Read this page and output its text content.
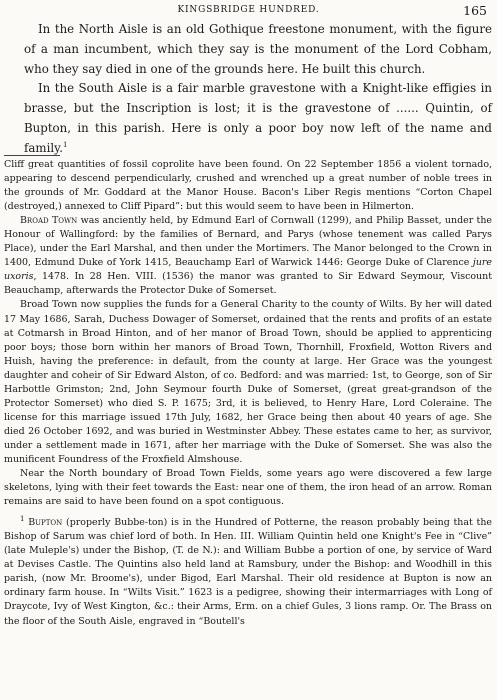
KINGSBRIDGE HUNDRED.	165

In the North Aisle is an old Gothique freestone monument, with the figure of a man incumbent, which they say is the monument of the Lord Cobham, who they say died in one of the grounds here. He built this church.

In the South Aisle is a fair marble gravestone with a Knight-like effigies in brasse, but the Inscription is lost; it is the gravestone of ...... Quintin, of Bupton, in this parish. Here is only a poor boy now left of the name and family.$^1$

Cliff great quantities of fossil coprolite have been found. On 22 September 1856 a violent tornado, appearing to descend perpendicularly, crushed and wrenched up a great number of noble trees in the grounds of Mr. Goddard at the Manor House. Bacon's Liber Regis mentions “Corton Chapel (destroyed,) annexed to Cliff Pipard”: but this would seem to have been in Hilmerton.

Broad Town was anciently held, by Edmund Earl of Cornwall (1299), and Philip Basset, under the Honour of Wallingford: by the families of Bernard, and Parys (whose tenement was called Parys Place), under the Earl Marshal, and then under the Mortimers. The Manor belonged to the Crown in 1400, Edmund Duke of York 1415, Beauchamp Earl of Warwick 1446: George Duke of Clarence jure uxoris, 1478. In 28 Hen. VIII. (1536) the manor was granted to Sir Edward Seymour, Viscount Beauchamp, afterwards the Protector Duke of Somerset.

Broad Town now supplies the funds for a General Charity to the county of Wilts. By her will dated 17 May 1686, Sarah, Duchess Dowager of Somerset, ordained that the rents and profits of an estate at Cotmarsh in Broad Hinton, and of her manor of Broad Town, should be applied to apprenticing poor boys; those born within her manors of Broad Town, Thornhill, Froxfield, Wotton Rivers and Huish, having the preference: in default, from the county at large. Her Grace was the youngest daughter and coheir of Sir Edward Alston, of co. Bedford: and was married: 1st, to George, son of Sir Harbottle Grimston; 2nd, John Seymour fourth Duke of Somerset, (great great-grandson of the Protector Somerset) who died S. P. 1675; 3rd, it is believed, to Henry Hare, Lord Coleraine. The license for this marriage issued 17th July, 1682, her Grace being then about 40 years of age. She died 26 October 1692, and was buried in Westminster Abbey. These estates came to her, as survivor, under a settlement made in 1671, after her marriage with the Duke of Somerset. She was also the munificent Foundress of the Froxfield Almshouse.

Near the North boundary of Broad Town Fields, some years ago were discovered a few large skeletons, lying with their feet towards the East: near one of them, the iron head of an arrow. Roman remains are said to have been found on a spot contiguous.

$^1$ Bupton (properly Bubbe-ton) is in the Hundred of Potterne, the reason probably being that the Bishop of Sarum was chief lord of both. In Hen. III. William Quintin held one Knight's Fee in “Clive” (late Muleple's) under the Bishop, (T. de N.): and William Bubbe a portion of one, by service of Ward at Devises Castle. The Quintins also held land at Ramsbury, under the Bishop: and Woodhill in this parish, (now Mr. Broome's), under Bigod, Earl Marshal. Their old residence at Bupton is now an ordinary farm house. In “Wilts Visit.” 1623 is a pedigree, showing their intermarriages with Long of Draycote, Ivy of West Kington, &c.: their Arms, Erm. on a chief Gules, 3 lions ramp. Or. The Brass on the floor of the South Aisle, engraved in “Boutell's
